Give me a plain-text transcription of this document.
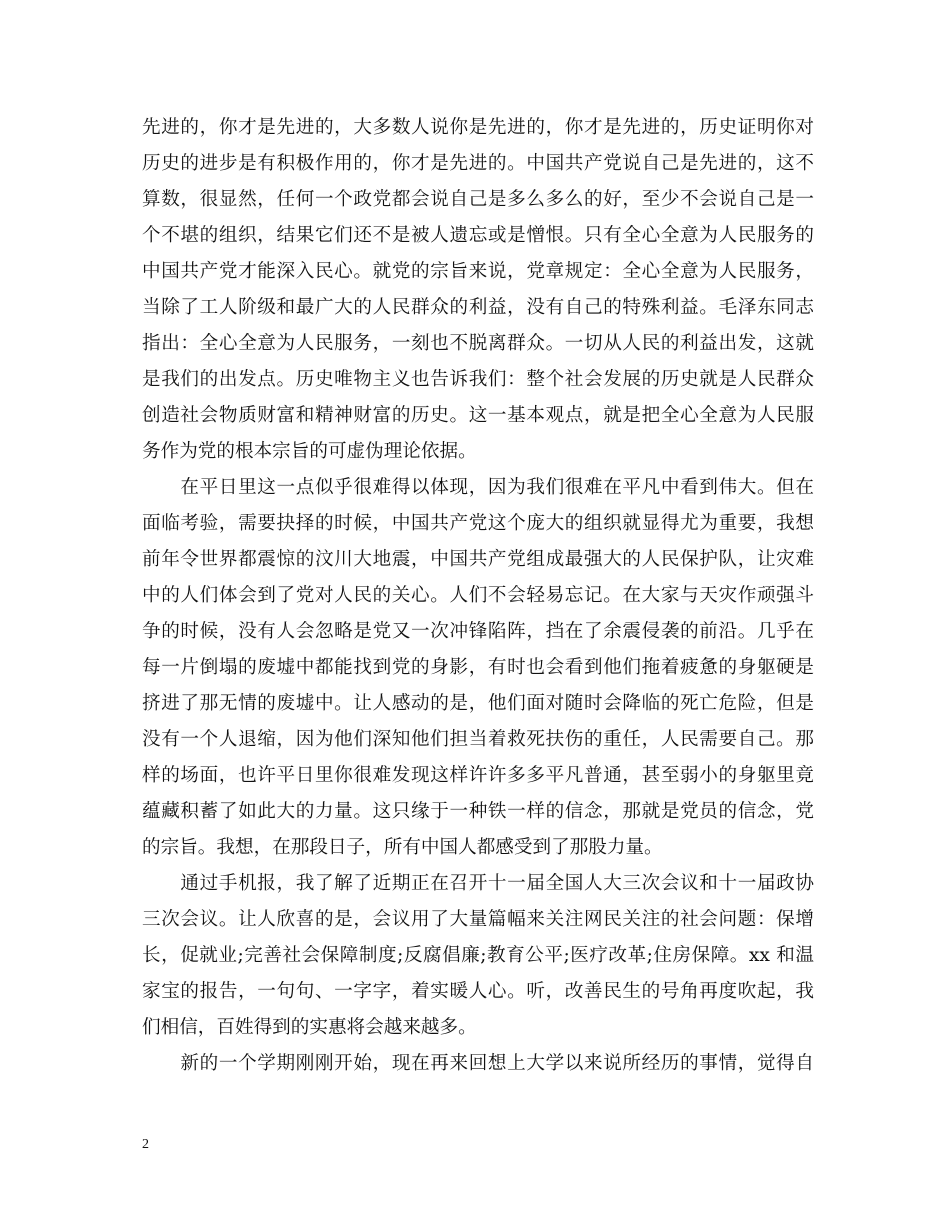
先进的，你才是先进的，大多数人说你是先进的，你才是先进的，历史证明你对
历史的进步是有积极作用的，你才是先进的。中国共产党说自己是先进的，这不
算数，很显然，任何一个政党都会说自己是多么多么的好，至少不会说自己是一
个不堪的组织，结果它们还不是被人遗忘或是憎恨。只有全心全意为人民服务的
中国共产党才能深入民心。就党的宗旨来说，党章规定：全心全意为人民服务，
当除了工人阶级和最广大的人民群众的利益，没有自己的特殊利益。毛泽东同志
指出：全心全意为人民服务，一刻也不脱离群众。一切从人民的利益出发，这就
是我们的出发点。历史唯物主义也告诉我们：整个社会发展的历史就是人民群众
创造社会物质财富和精神财富的历史。这一基本观点，就是把全心全意为人民服
务作为党的根本宗旨的可虚伪理论依据。
　　在平日里这一点似乎很难得以体现，因为我们很难在平凡中看到伟大。但在
面临考验，需要抉择的时候，中国共产党这个庞大的组织就显得尤为重要，我想
前年令世界都震惊的汶川大地震，中国共产党组成最强大的人民保护队，让灾难
中的人们体会到了党对人民的关心。人们不会轻易忘记。在大家与天灾作顽强斗
争的时候，没有人会忽略是党又一次冲锋陷阵，挡在了余震侵袭的前沿。几乎在
每一片倒塌的废墟中都能找到党的身影，有时也会看到他们拖着疲惫的身躯硬是
挤进了那无情的废墟中。让人感动的是，他们面对随时会降临的死亡危险，但是
没有一个人退缩，因为他们深知他们担当着救死扶伤的重任，人民需要自己。那
样的场面，也许平日里你很难发现这样许许多多平凡普通，甚至弱小的身躯里竟
蕴藏积蓄了如此大的力量。这只缘于一种铁一样的信念，那就是党员的信念，党
的宗旨。我想，在那段日子，所有中国人都感受到了那股力量。
　　通过手机报，我了解了近期正在召开十一届全国人大三次会议和十一届政协
三次会议。让人欣喜的是，会议用了大量篇幅来关注网民关注的社会问题：保增
长，促就业;完善社会保障制度;反腐倡廉;教育公平;医疗改革;住房保障。xx 和温
家宝的报告，一句句、一字字，着实暖人心。听，改善民生的号角再度吹起，我
们相信，百姓得到的实惠将会越来越多。
　　新的一个学期刚刚开始，现在再来回想上大学以来说所经历的事情，觉得自
2
